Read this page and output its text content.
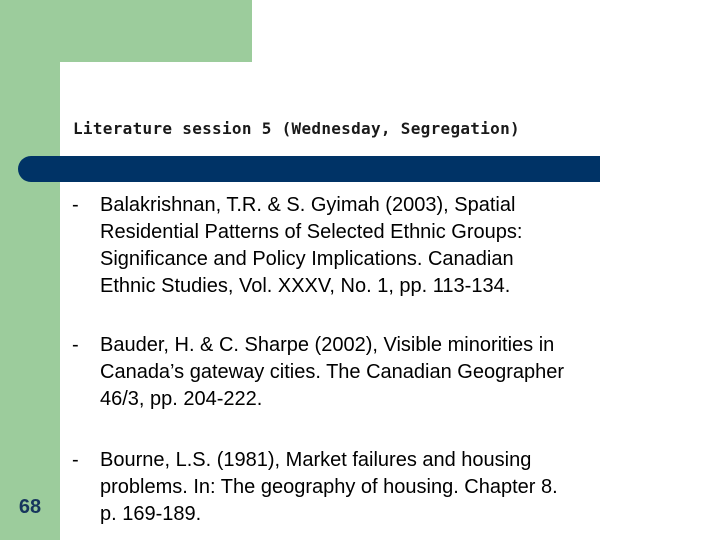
68
Literature session 5 (Wednesday, Segregation)
-	Balakrishnan, T.R. & S. Gyimah (2003), Spatial
Residential Patterns of Selected Ethnic Groups:
Significance and Policy Implications. Canadian
Ethnic Studies, Vol. XXXV, No. 1, pp. 113-134.
-	Bauder, H. & C. Sharpe (2002), Visible minorities in
Canada’s gateway cities. The Canadian Geographer
46/3, pp. 204-222.
-	Bourne, L.S. (1981), Market failures and housing
problems. In: The geography of housing. Chapter 8.
p. 169-189.
